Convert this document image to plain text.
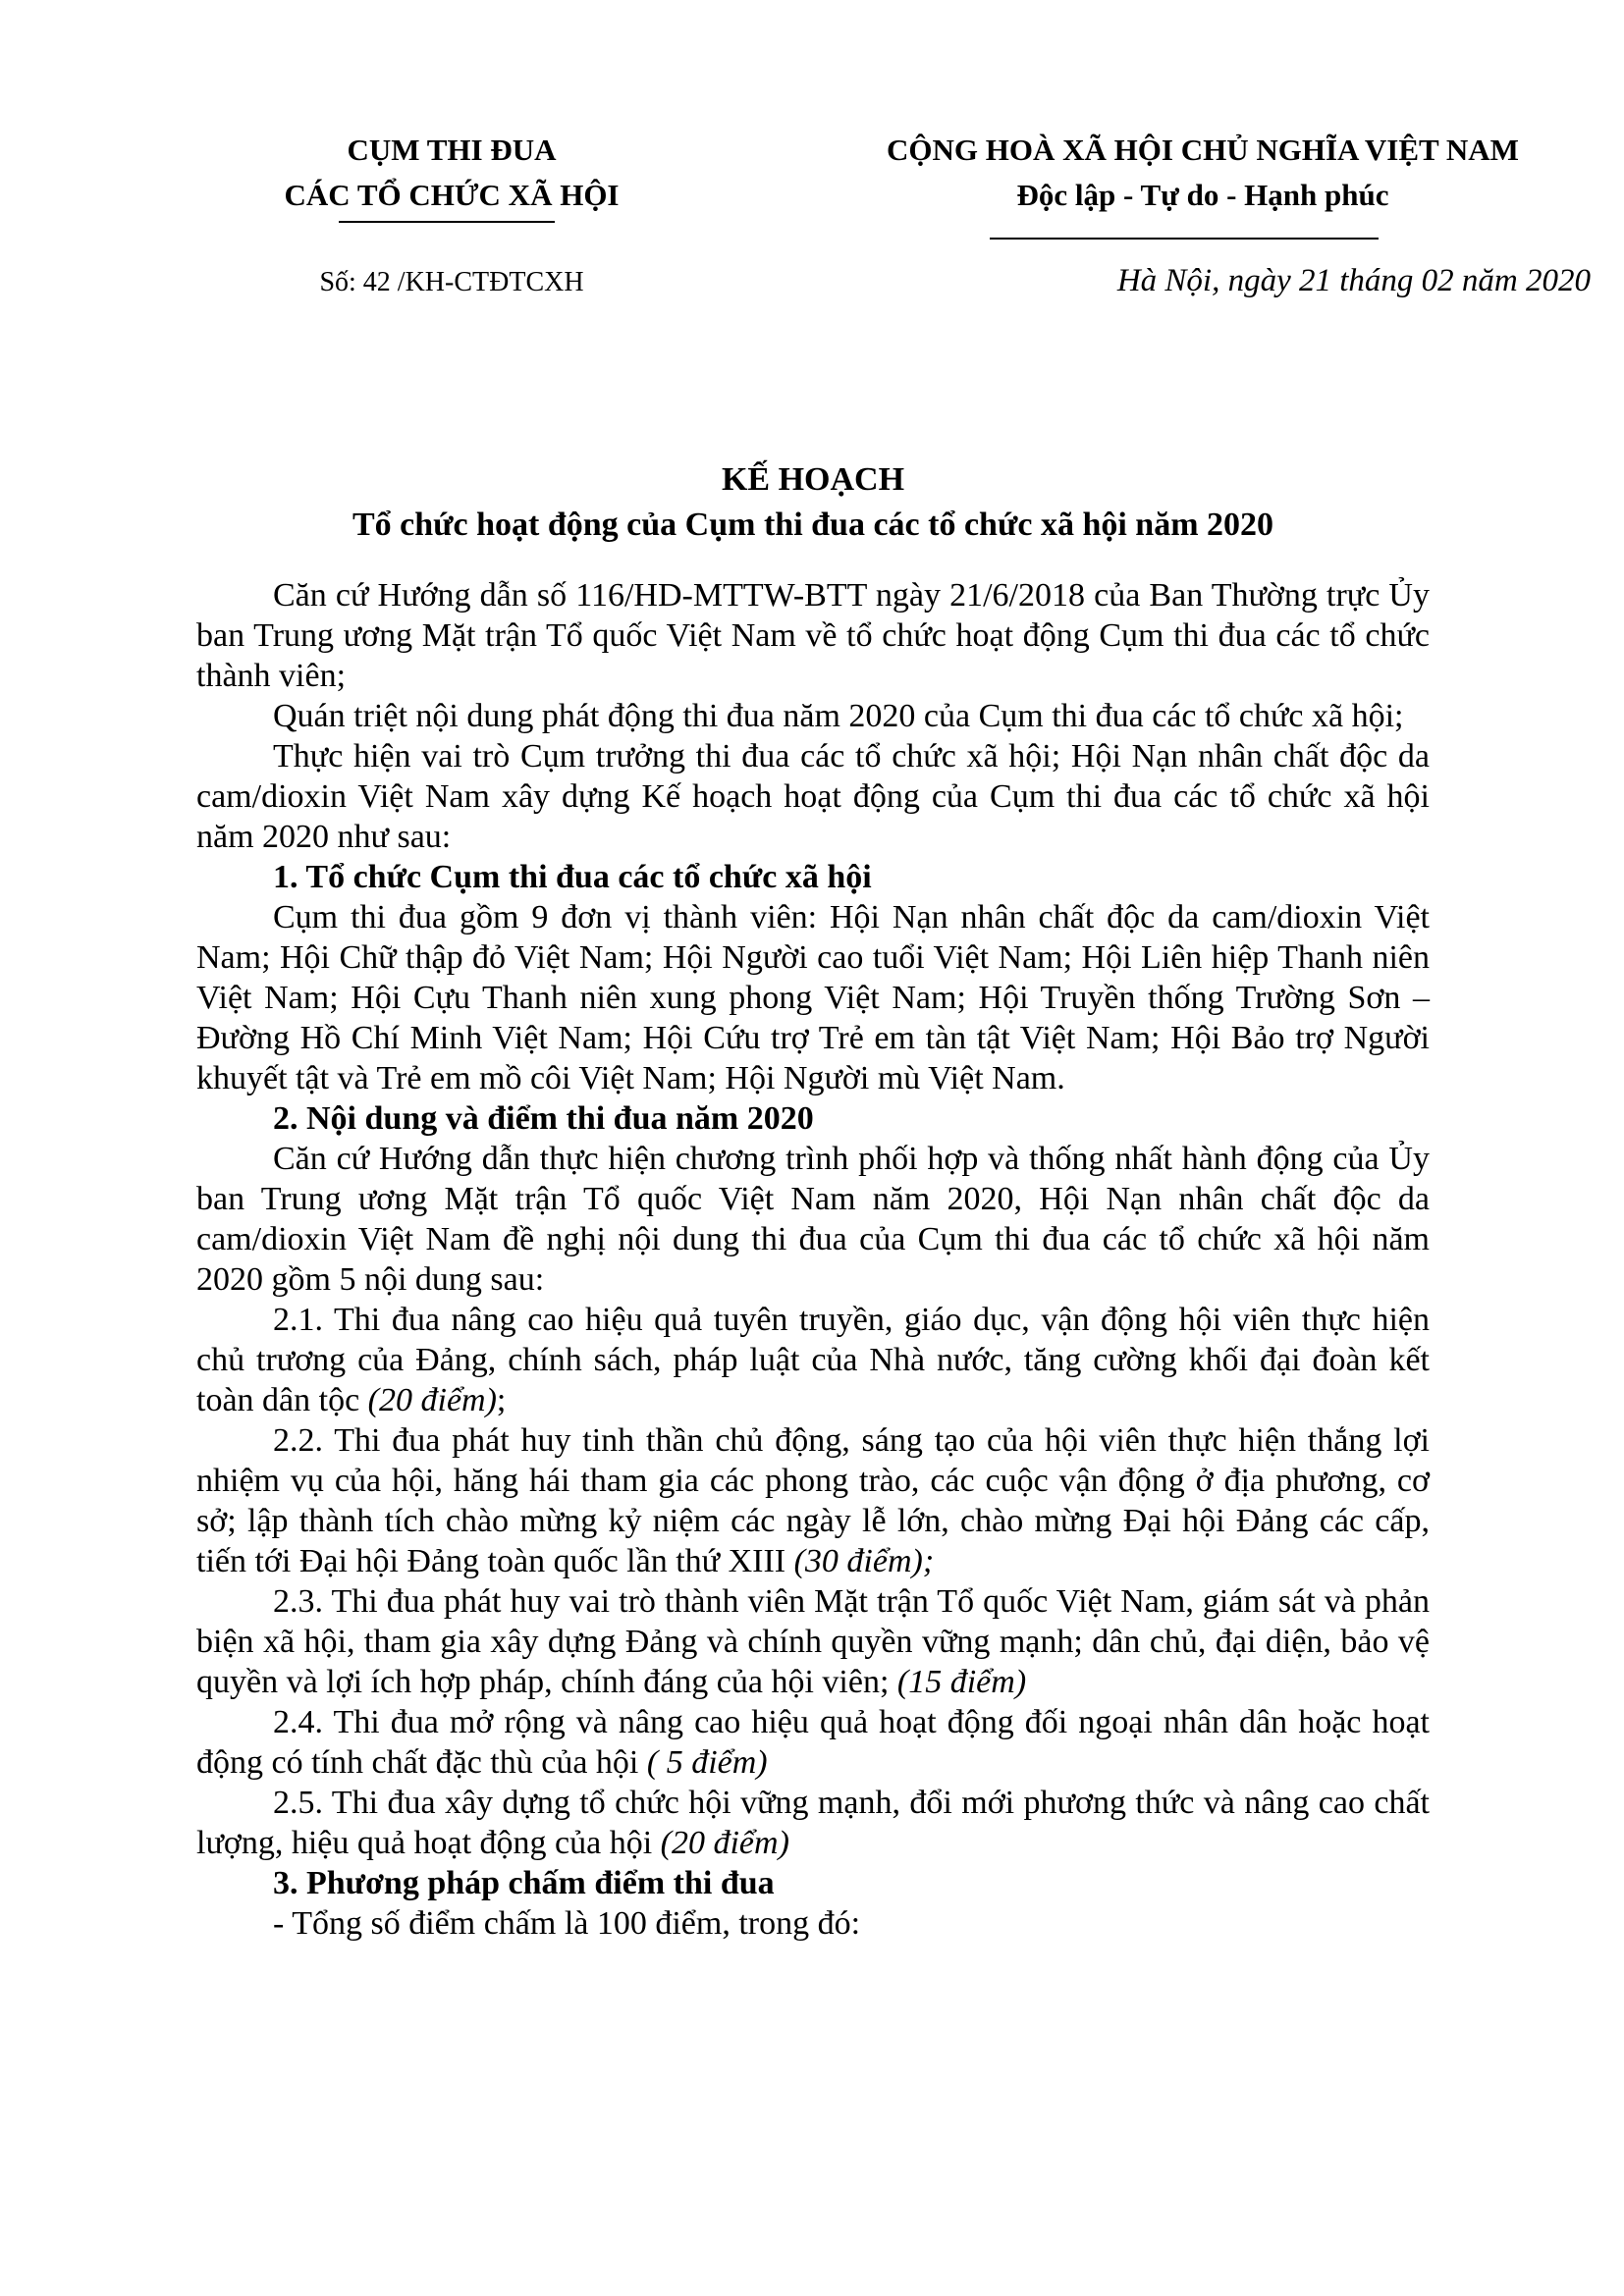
CỤM THI ĐUA
CÁC TỔ CHỨC XÃ HỘI
CỘNG HOÀ XÃ HỘI CHỦ NGHĨA VIỆT NAM
Độc lập - Tự do - Hạnh phúc
Số: 42 /KH-CTĐTCXH	Hà Nội, ngày 21 tháng 02 năm 2020
KẾ HOẠCH
Tổ chức hoạt động của Cụm thi đua các tổ chức xã hội năm 2020

Căn cứ Hướng dẫn số 116/HD-MTTW-BTT ngày 21/6/2018 của Ban Thường trực Ủy ban Trung ương Mặt trận Tổ quốc Việt Nam về tổ chức hoạt động Cụm thi đua các tổ chức thành viên;

Quán triệt nội dung phát động thi đua năm 2020 của Cụm thi đua các tổ chức xã hội;

Thực hiện vai trò Cụm trưởng thi đua các tổ chức xã hội; Hội Nạn nhân chất độc da cam/dioxin Việt Nam xây dựng Kế hoạch hoạt động của Cụm thi đua các tổ chức xã hội năm 2020 như sau:

1. Tổ chức Cụm thi đua các tổ chức xã hội

Cụm thi đua gồm 9 đơn vị thành viên: Hội Nạn nhân chất độc da cam/dioxin Việt Nam; Hội Chữ thập đỏ Việt Nam; Hội Người cao tuổi Việt Nam; Hội Liên hiệp Thanh niên Việt Nam; Hội Cựu Thanh niên xung phong Việt Nam; Hội Truyền thống Trường Sơn – Đường Hồ Chí Minh Việt Nam; Hội Cứu trợ Trẻ em tàn tật Việt Nam; Hội Bảo trợ Người khuyết tật và Trẻ em mồ côi Việt Nam; Hội Người mù Việt Nam.

2. Nội dung và điểm thi đua năm 2020

Căn cứ Hướng dẫn thực hiện chương trình phối hợp và thống nhất hành động của Ủy ban Trung ương Mặt trận Tổ quốc Việt Nam năm 2020, Hội Nạn nhân chất độc da cam/dioxin Việt Nam đề nghị nội dung thi đua của Cụm thi đua các tổ chức xã hội năm 2020 gồm 5 nội dung sau:

2.1. Thi đua nâng cao hiệu quả tuyên truyền, giáo dục, vận động hội viên thực hiện chủ trương của Đảng, chính sách, pháp luật của Nhà nước, tăng cường khối đại đoàn kết toàn dân tộc (20 điểm);

2.2. Thi đua phát huy tinh thần chủ động, sáng tạo của hội viên thực hiện thắng lợi nhiệm vụ của hội, hăng hái tham gia các phong trào, các cuộc vận động ở địa phương, cơ sở; lập thành tích chào mừng kỷ niệm các ngày lễ lớn, chào mừng Đại hội Đảng các cấp, tiến tới Đại hội Đảng toàn quốc lần thứ XIII (30 điểm);

2.3. Thi đua phát huy vai trò thành viên Mặt trận Tổ quốc Việt Nam, giám sát và phản biện xã hội, tham gia xây dựng Đảng và chính quyền vững mạnh; dân chủ, đại diện, bảo vệ quyền và lợi ích hợp pháp, chính đáng của hội viên; (15 điểm)

2.4. Thi đua mở rộng và nâng cao hiệu quả hoạt động đối ngoại nhân dân hoặc hoạt động có tính chất đặc thù của hội ( 5 điểm)

2.5. Thi đua xây dựng tổ chức hội vững mạnh, đổi mới phương thức và nâng cao chất lượng, hiệu quả hoạt động của hội (20 điểm)

3. Phương pháp chấm điểm thi đua

- Tổng số điểm chấm là 100 điểm, trong đó:
